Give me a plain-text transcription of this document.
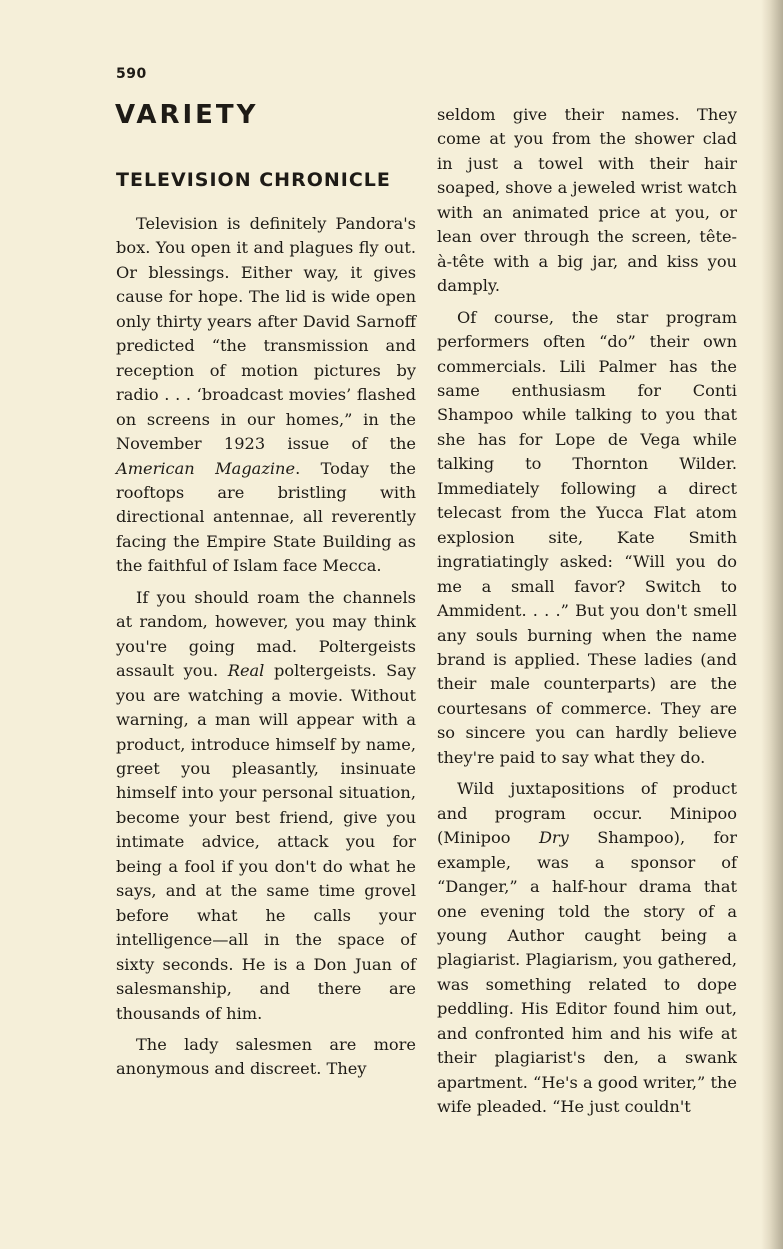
590
VARIETY
TELEVISION CHRONICLE

Television is definitely Pandora's box. You open it and plagues fly out. Or blessings. Either way, it gives cause for hope. The lid is wide open only thirty years after David Sarnoff predicted “the transmission and reception of motion pictures by radio . . . ‘broadcast movies’ flashed on screens in our homes,” in the November 1923 issue of the American Magazine. Today the rooftops are bristling with directional antennae, all reverently facing the Empire State Building as the faithful of Islam face Mecca.

If you should roam the channels at random, however, you may think you're going mad. Poltergeists assault you. Real poltergeists. Say you are watching a movie. Without warning, a man will appear with a product, introduce himself by name, greet you pleasantly, insinuate himself into your personal situation, become your best friend, give you intimate advice, attack you for being a fool if you don't do what he says, and at the same time grovel before what he calls your intelligence—all in the space of sixty seconds. He is a Don Juan of salesmanship, and there are thousands of him.

The lady salesmen are more anonymous and discreet. They

seldom give their names. They come at you from the shower clad in just a towel with their hair soaped, shove a jeweled wrist watch with an animated price at you, or lean over through the screen, tête-à-tête with a big jar, and kiss you damply.

Of course, the star program performers often “do” their own commercials. Lili Palmer has the same enthusiasm for Conti Shampoo while talking to you that she has for Lope de Vega while talking to Thornton Wilder. Immediately following a direct telecast from the Yucca Flat atom explosion site, Kate Smith ingratiatingly asked: “Will you do me a small favor? Switch to Ammident. . . .” But you don't smell any souls burning when the name brand is applied. These ladies (and their male counterparts) are the courtesans of commerce. They are so sincere you can hardly believe they're paid to say what they do.

Wild juxtapositions of product and program occur. Minipoo (Minipoo Dry Shampoo), for example, was a sponsor of “Danger,” a half-hour drama that one evening told the story of a young Author caught being a plagiarist. Plagiarism, you gathered, was something related to dope peddling. His Editor found him out, and confronted him and his wife at their plagiarist's den, a swank apartment. “He's a good writer,” the wife pleaded. “He just couldn't
